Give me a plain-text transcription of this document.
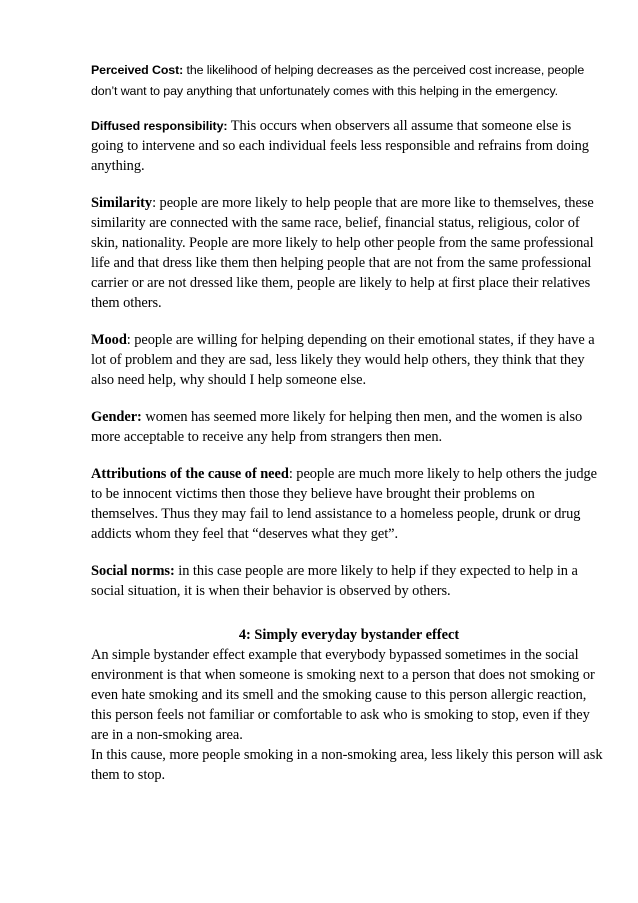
Perceived Cost: the likelihood of helping decreases as the perceived cost increase, people don’t want to pay anything that unfortunately comes with this helping in the emergency.

Diffused responsibility: This occurs when observers all assume that someone else is going to intervene and so each individual feels less responsible and refrains from doing anything.

Similarity: people are more likely to help people that are more like to themselves, these similarity are connected with the same race, belief, financial status, religious, color of skin, nationality. People are more likely to help other people from the same professional life and that dress like them then helping people that are not from the same professional carrier or are not dressed like them, people are likely to help at first place their relatives them others.

Mood: people are willing for helping depending on their emotional states, if they have a lot of problem and they are sad, less likely they would help others, they think that they also need help, why should I help someone else.

Gender: women has seemed more likely for helping then men, and the women is also more acceptable to receive any help from strangers then men.

Attributions of the cause of need: people are much more likely to help others the judge to be innocent victims then those they believe have brought their problems on themselves. Thus they may fail to lend assistance to a homeless people, drunk or drug addicts whom they feel that “deserves what they get”.

Social norms: in this case people are more likely to help if they expected to help in a social situation, it is when their behavior is observed by others.

4: Simply everyday bystander effect

An simple bystander effect example that everybody bypassed sometimes in the social environment is that when someone is smoking next to a person that does not smoking or even hate smoking and its smell and the smoking cause to this person allergic reaction, this person feels not familiar or comfortable to ask who is smoking to stop, even if they are in a non-smoking area.
In this cause, more people smoking in a non-smoking area, less likely this person will ask them to stop.
